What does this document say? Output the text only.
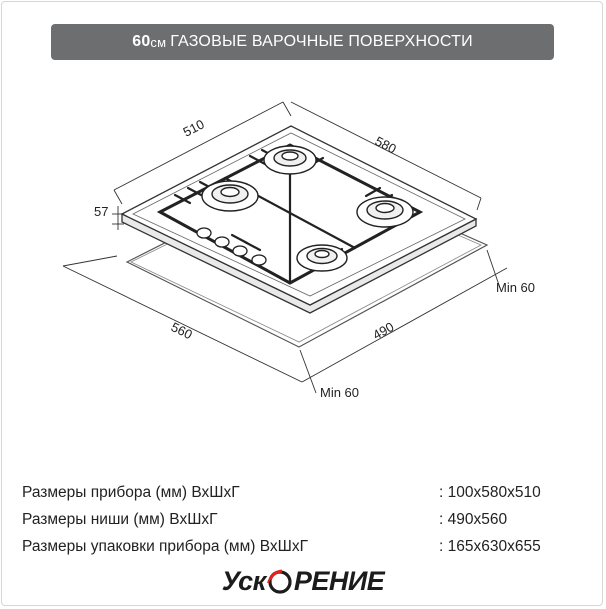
60 см ГАЗОВЫЕ ВАРОЧНЫЕ ПОВЕРХНОСТИ
510
580
57
560	490
Min 60
Min 60
Размеры прибора (мм) ВхШхГ	: 100x580x510
Размеры ниши (мм) ВхШхГ	: 490x560
Размеры упаковки прибора (мм) ВхШхГ	: 165x630x655
Уск РЕНИЕ
